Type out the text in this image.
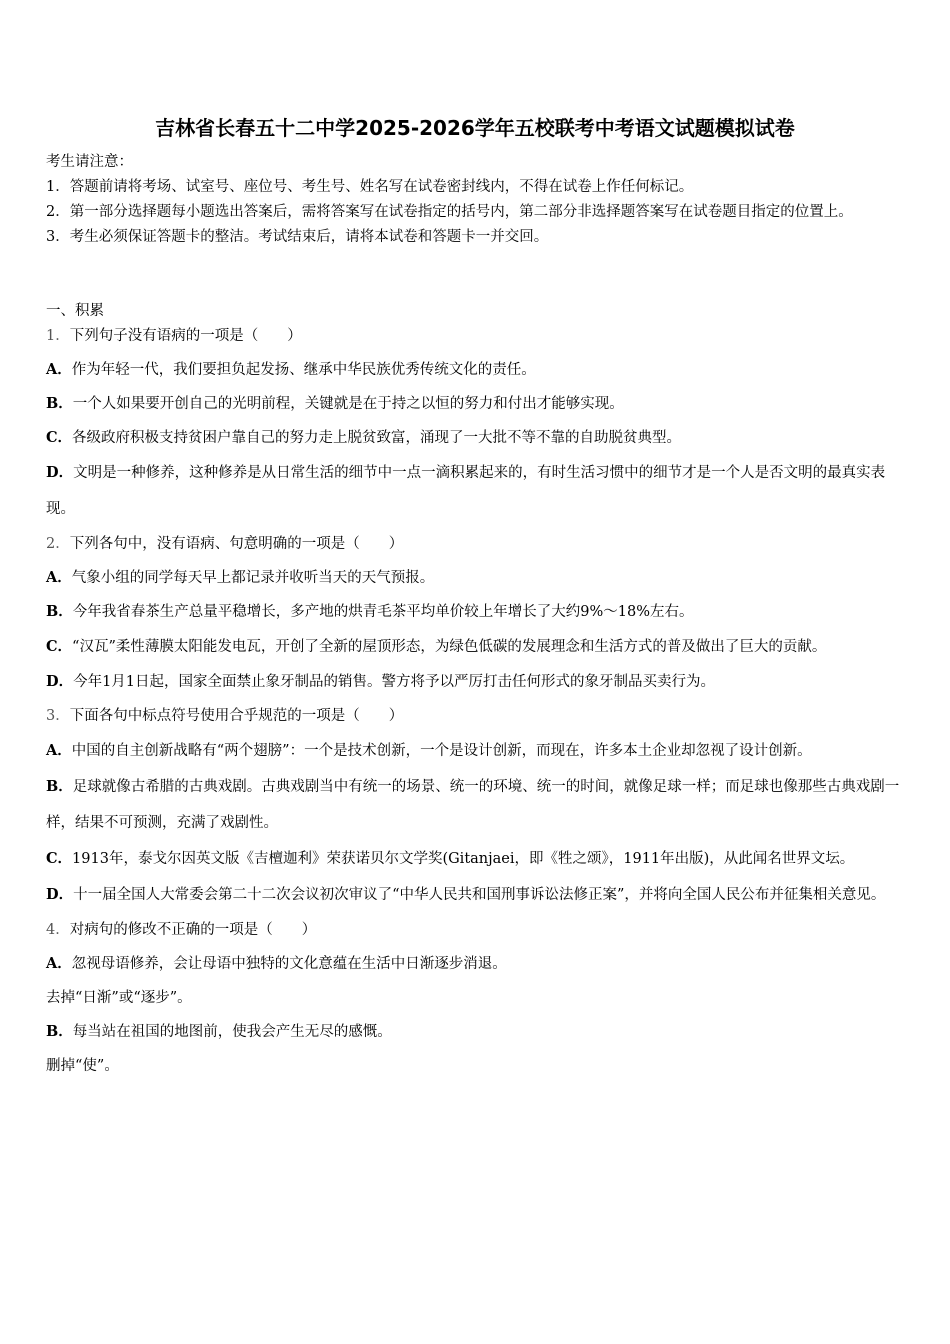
吉林省长春五十二中学2025-2026学年五校联考中考语文试题模拟试卷
考生请注意：
1．答题前请将考场、试室号、座位号、考生号、姓名写在试卷密封线内，不得在试卷上作任何标记。
2．第一部分选择题每小题选出答案后，需将答案写在试卷指定的括号内，第二部分非选择题答案写在试卷题目指定的位置上。
3．考生必须保证答题卡的整洁。考试结束后，请将本试卷和答题卡一并交回。
一、积累
1．下列句子没有语病的一项是（　　）
A．作为年轻一代，我们要担负起发扬、继承中华民族优秀传统文化的责任。
B．一个人如果要开创自己的光明前程，关键就是在于持之以恒的努力和付出才能够实现。
C．各级政府积极支持贫困户靠自己的努力走上脱贫致富，涌现了一大批不等不靠的自助脱贫典型。
D．文明是一种修养，这种修养是从日常生活的细节中一点一滴积累起来的，有时生活习惯中的细节才是一个人是否文明的最真实表现。
2．下列各句中，没有语病、句意明确的一项是（　　）
A．气象小组的同学每天早上都记录并收听当天的天气预报。
B．今年我省春茶生产总量平稳增长，多产地的烘青毛茶平均单价较上年增长了大约9%～18%左右。
C．“汉瓦”柔性薄膜太阳能发电瓦，开创了全新的屋顶形态，为绿色低碳的发展理念和生活方式的普及做出了巨大的贡献。
D．今年1月1日起，国家全面禁止象牙制品的销售。警方将予以严厉打击任何形式的象牙制品买卖行为。
3．下面各句中标点符号使用合乎规范的一项是（　　）
A．中国的自主创新战略有“两个翅膀”：一个是技术创新，一个是设计创新，而现在，许多本土企业却忽视了设计创新。
B．足球就像古希腊的古典戏剧。古典戏剧当中有统一的场景、统一的环境、统一的时间，就像足球一样；而足球也像那些古典戏剧一样，结果不可预测，充满了戏剧性。
C．1913年，泰戈尔因英文版《吉檀迦利》荣获诺贝尔文学奖(Gitanjaei，即《牲之颂》，1911年出版)，从此闻名世界文坛。
D．十一届全国人大常委会第二十二次会议初次审议了“中华人民共和国刑事诉讼法修正案”，并将向全国人民公布并征集相关意见。
4．对病句的修改不正确的一项是（　　）
A．忽视母语修养，会让母语中独特的文化意蕴在生活中日渐逐步消退。
去掉“日渐”或“逐步”。
B．每当站在祖国的地图前，使我会产生无尽的感慨。
删掉“使”。
